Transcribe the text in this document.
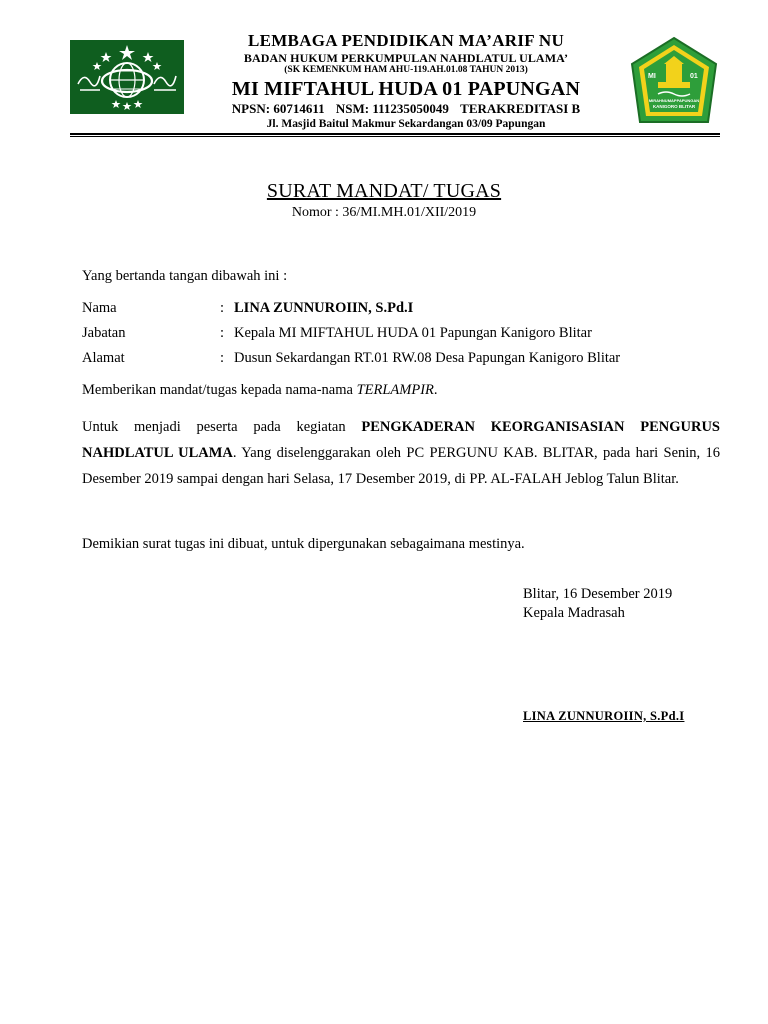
LEMBAGA PENDIDIKAN MA’ARIF NU
BADAN HUKUM PERKUMPULAN NAHDLATUL ULAMA’
(SK KEMENKUM HAM AHU-119.AH.01.08 TAHUN 2013)
MI MIFTAHUL HUDA 01 PAPUNGAN
NPSN: 60714611 NSM: 111235050049 TERAKREDITASI B
Jl. Masjid Baitul Makmur Sekardangan 03/09 Papungan
MI	01
MIRAHNUMAPPAPUNGAN
KANIGORO BLITAR
SURAT MANDAT/ TUGAS
Nomor : 36/MI.MH.01/XII/2019
Yang bertanda tangan dibawah ini :
Nama	: LINA ZUNNUROIIN, S.Pd.I
Jabatan	: Kepala MI MIFTAHUL HUDA 01 Papungan Kanigoro Blitar
Alamat	: Dusun Sekardangan RT.01 RW.08 Desa Papungan Kanigoro Blitar
Memberikan mandat/tugas kepada nama-nama TERLAMPIR.
Untuk menjadi peserta pada kegiatan PENGKADERAN KEORGANISASIAN PENGURUS NAHDLATUL ULAMA. Yang diselenggarakan oleh PC PERGUNU KAB. BLITAR, pada hari Senin, 16 Desember 2019 sampai dengan hari Selasa, 17 Desember 2019, di PP. AL-FALAH Jeblog Talun Blitar.
Demikian surat tugas ini dibuat, untuk dipergunakan sebagaimana mestinya.
Blitar, 16 Desember 2019
Kepala Madrasah
LINA ZUNNUROIIN, S.Pd.I
